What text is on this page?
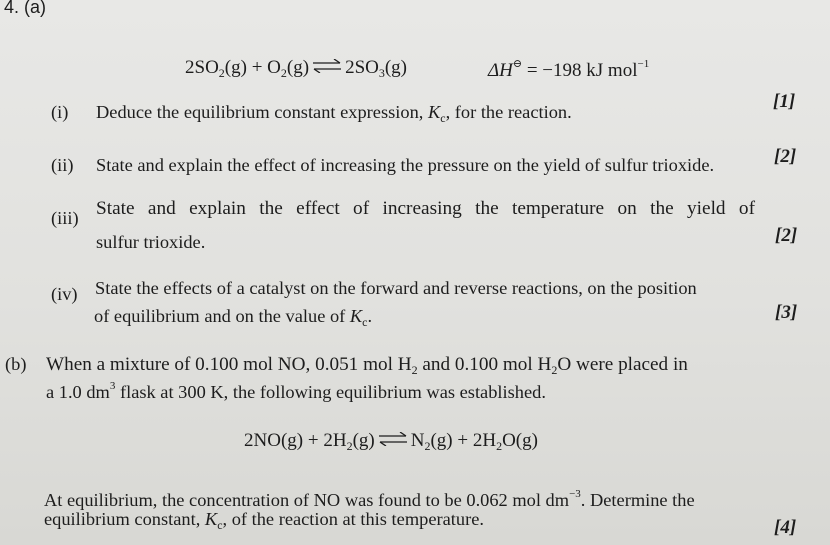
4. (a)
$2SO_2(g) + O_2(g)$ ⇌ $2SO_3(g)$	ΔH⊖ = −198 kJ mol$^{-1}$
(i) Deduce the equilibrium constant expression, $K_c$, for the reaction.	[1]
(ii) State and explain the effect of increasing the pressure on the yield of sulfur trioxide.	[2]
(iii) State and explain the effect of increasing the temperature on the yield of
sulfur trioxide.	[2]
(iv) State the effects of a catalyst on the forward and reverse reactions, on the position
of equilibrium and on the value of $K_c$.	[3]
(b) When a mixture of 0.100 mol NO, 0.051 mol $H_2$ and 0.100 mol $H_2O$ were placed in
a 1.0 $dm^3$ flask at 300 K, the following equilibrium was established.
$2NO(g) + 2H_2(g)$ ⇌ $N_2(g) + 2H_2O(g)$
At equilibrium, the concentration of NO was found to be 0.062 mol $dm^{-3}$. Determine the
equilibrium constant, $K_c$, of the reaction at this temperature.	[4]
